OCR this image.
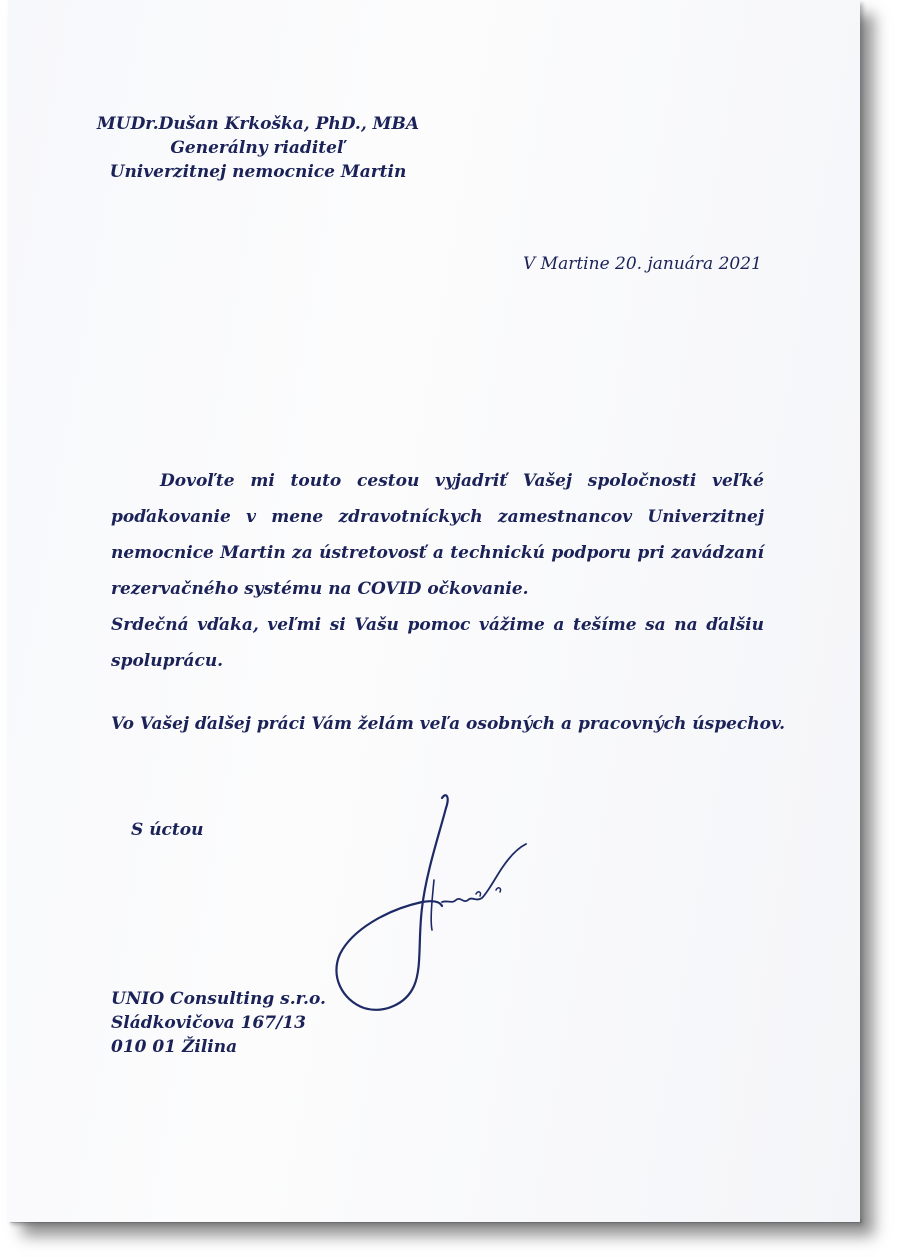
MUDr.Dušan Krkoška, PhD., MBA
Generálny riaditeľ
Univerzitnej nemocnice Martin
V Martine 20. januára 2021

Dovoľte mi touto cestou vyjadriť Vašej spoločnosti veľké poďakovanie v mene zdravotníckych zamestnancov Univerzitnej nemocnice Martin za ústretovosť a technickú podporu pri zavádzaní rezervačného systému na COVID očkovanie.

Srdečná vďaka, veľmi si Vašu pomoc vážime a tešíme sa na ďalšiu spoluprácu.

Vo Vašej ďalšej práci Vám želám veľa osobných a pracovných úspechov.
S úctou
UNIO Consulting s.r.o.
Sládkovičova 167/13
010 01 Žilina
